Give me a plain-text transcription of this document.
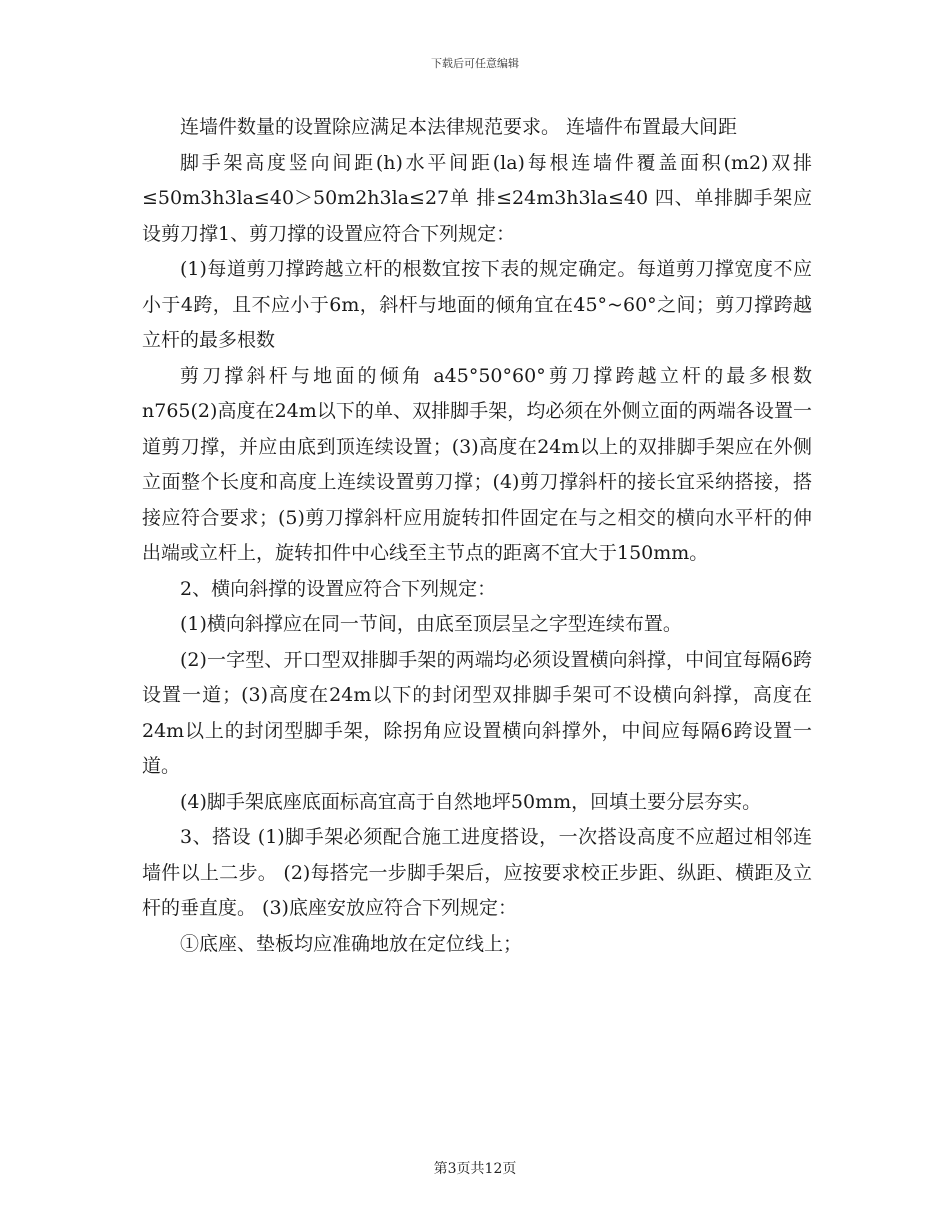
下载后可任意编辑

连墙件数量的设置除应满足本法律规范要求。 连墙件布置最大间距

脚手架高度竖向间距(h)水平间距(la)每根连墙件覆盖面积(m2)双排≤50m3h3la≤40＞50m2h3la≤27单 排≤24m3h3la≤40 四、单排脚手架应设剪刀撑1、剪刀撑的设置应符合下列规定：

(1)每道剪刀撑跨越立杆的根数宜按下表的规定确定。每道剪刀撑宽度不应小于4跨，且不应小于6m，斜杆与地面的倾角宜在45°~60°之间；剪刀撑跨越立杆的最多根数

剪刀撑斜杆与地面的倾角 a45°50°60°剪刀撑跨越立杆的最多根数 n765(2)高度在24m以下的单、双排脚手架，均必须在外侧立面的两端各设置一道剪刀撑，并应由底到顶连续设置；(3)高度在24m以上的双排脚手架应在外侧立面整个长度和高度上连续设置剪刀撑；(4)剪刀撑斜杆的接长宜采纳搭接，搭接应符合要求；(5)剪刀撑斜杆应用旋转扣件固定在与之相交的横向水平杆的伸出端或立杆上，旋转扣件中心线至主节点的距离不宜大于150mm。

2、横向斜撑的设置应符合下列规定：

(1)横向斜撑应在同一节间，由底至顶层呈之字型连续布置。

(2)一字型、开口型双排脚手架的两端均必须设置横向斜撑，中间宜每隔6跨设置一道；(3)高度在24m以下的封闭型双排脚手架可不设横向斜撑，高度在24m以上的封闭型脚手架，除拐角应设置横向斜撑外，中间应每隔6跨设置一道。

(4)脚手架底座底面标高宜高于自然地坪50mm，回填土要分层夯实。

3、搭设 (1)脚手架必须配合施工进度搭设，一次搭设高度不应超过相邻连墙件以上二步。 (2)每搭完一步脚手架后，应按要求校正步距、纵距、横距及立杆的垂直度。 (3)底座安放应符合下列规定：

①底座、垫板均应准确地放在定位线上；

第3页共12页
